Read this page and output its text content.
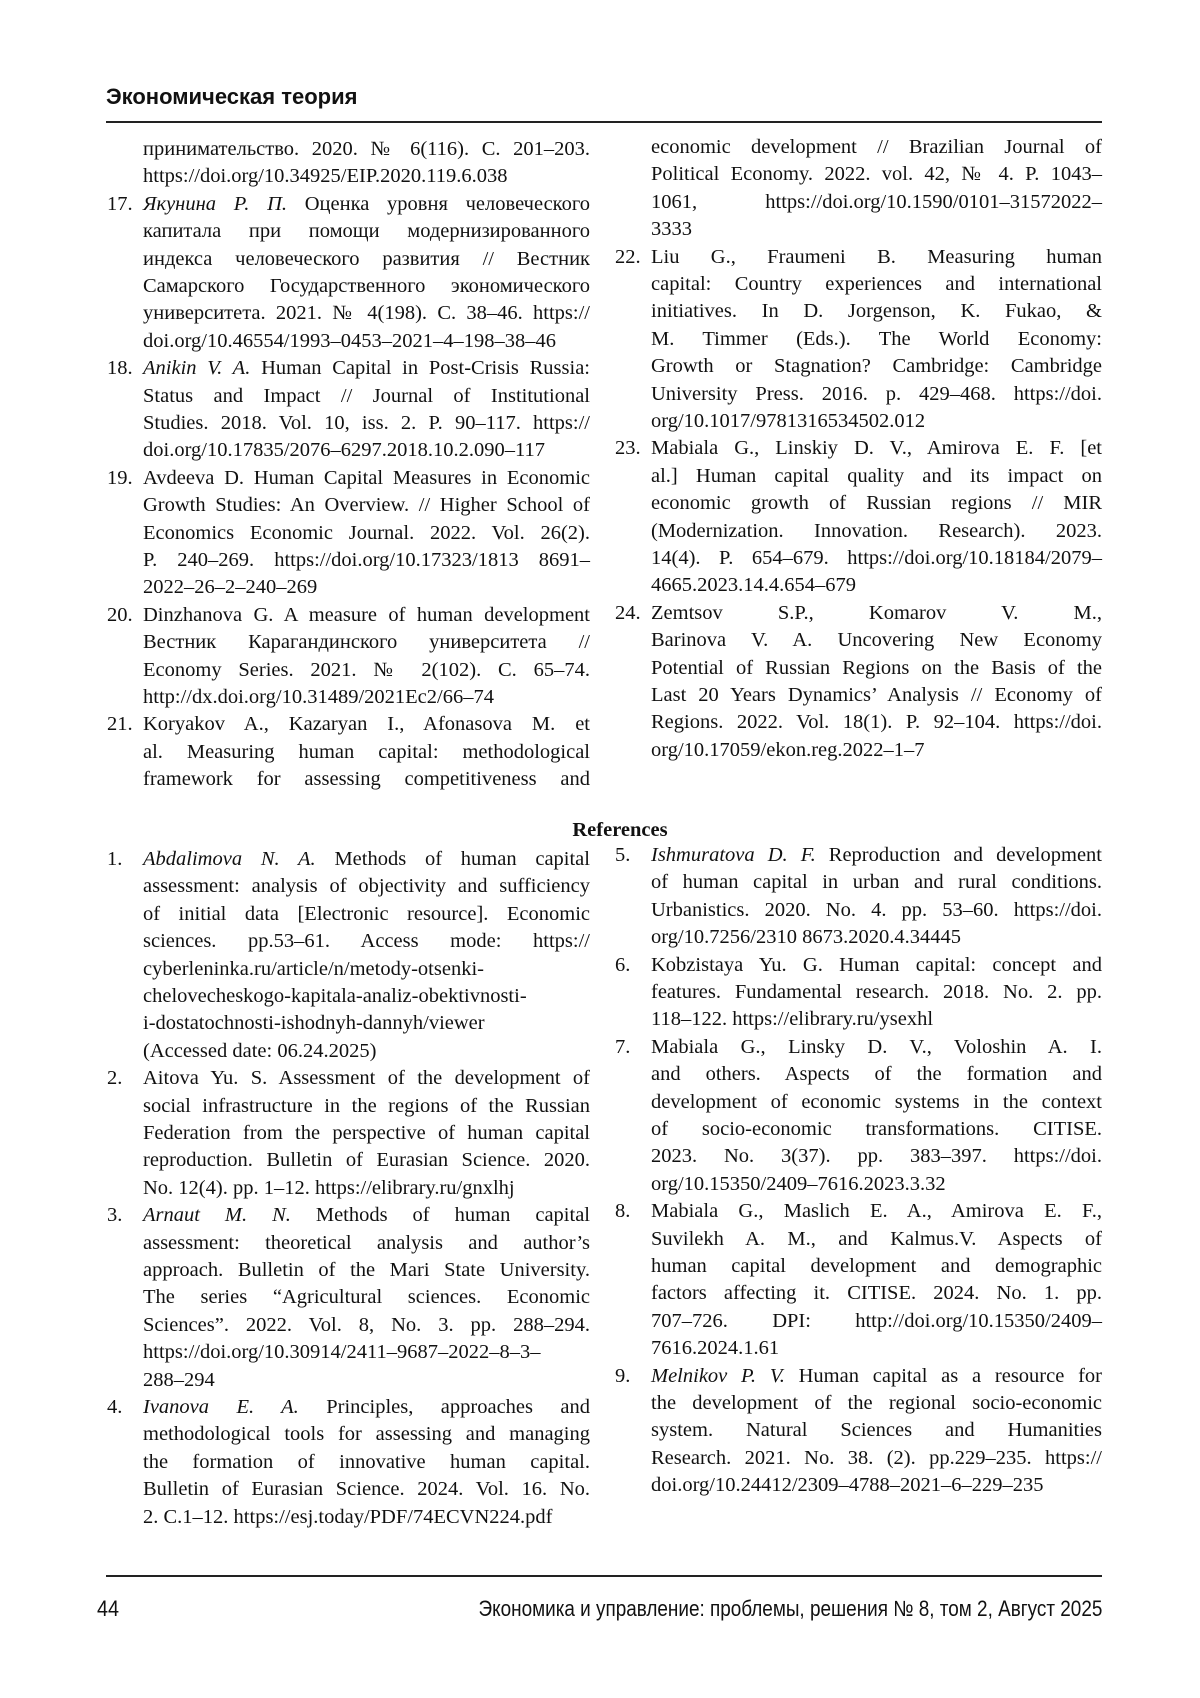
Экономическая теория
принимательство. 2020. № 6(116). С. 201–203.
https://doi.org/10.34925/EIP.2020.119.6.038
17. Якунина Р. П. Оценка уровня человеческого
капитала при помощи модернизированного
индекса человеческого развития // Вестник
Самарского Государственного экономического
университета. 2021. № 4(198). С. 38–46. https://
doi.org/10.46554/1993–0453–2021–4–198–38–46
18. Anikin V. A. Human Capital in Post-Crisis Russia:
Status and Impact // Journal of Institutional
Studies. 2018. Vol. 10, iss. 2. P. 90–117. https://
doi.org/10.17835/2076–6297.2018.10.2.090–117
19. Avdeeva D. Human Capital Measures in Economic
Growth Studies: An Overview. // Higher School of
Economics Economic Journal. 2022. Vol. 26(2).
P. 240–269. https://doi.org/10.17323/1813 8691–
2022–26–2–240–269
20. Dinzhanova G. A measure of human development
Вестник Карагандинского университета //
Economy Series. 2021. № 2(102). С. 65–74.
http://dx.doi.org/10.31489/2021Ec2/66–74
21. Koryakov A., Kazaryan I., Afonasova M. et
al. Measuring human capital: methodological
framework for assessing competitiveness and
economic development // Brazilian Journal of
Political Economy. 2022. vol. 42, № 4. P. 1043–
1061, https://doi.org/10.1590/0101–31572022–
3333
22. Liu G., Fraumeni B. Measuring human
capital: Country experiences and international
initiatives. In D. Jorgenson, K. Fukao, &
M. Timmer (Eds.). The World Economy:
Growth or Stagnation? Cambridge: Cambridge
University Press. 2016. p. 429–468. https://doi.
org/10.1017/9781316534502.012
23. Mabiala G., Linskiy D. V., Amirova E. F. [et
al.] Human capital quality and its impact on
economic growth of Russian regions // MIR
(Modernization. Innovation. Research). 2023.
14(4). P. 654–679. https://doi.org/10.18184/2079–
4665.2023.14.4.654–679
24. Zemtsov S.P., Komarov V. M.,
Barinova V. A. Uncovering New Economy
Potential of Russian Regions on the Basis of the
Last 20 Years Dynamics’ Analysis // Economy of
Regions. 2022. Vol. 18(1). P. 92–104. https://doi.
org/10.17059/ekon.reg.2022–1–7
References
1. Abdalimova N. A. Methods of human capital
assessment: analysis of objectivity and sufficiency
of initial data [Electronic resource]. Economic
sciences. pp.53–61. Access mode: https://
cyberleninka.ru/article/n/metody-otsenki-
chelovecheskogo-kapitala-analiz-obektivnosti-
i-dostatochnosti-ishodnyh-dannyh/viewer
(Accessed date: 06.24.2025)
2. Aitova Yu. S. Assessment of the development of
social infrastructure in the regions of the Russian
Federation from the perspective of human capital
reproduction. Bulletin of Eurasian Science. 2020.
No. 12(4). pp. 1–12. https://elibrary.ru/gnxlhj
3. Arnaut M. N. Methods of human capital
assessment: theoretical analysis and author’s
approach. Bulletin of the Mari State University.
The series “Agricultural sciences. Economic
Sciences”. 2022. Vol. 8, No. 3. pp. 288–294.
https://doi.org/10.30914/2411–9687–2022–8–3–
288–294
4. Ivanova E. A. Principles, approaches and
methodological tools for assessing and managing
the formation of innovative human capital.
Bulletin of Eurasian Science. 2024. Vol. 16. No.
2. C.1–12. https://esj.today/PDF/74ECVN224.pdf
5. Ishmuratova D. F. Reproduction and development
of human capital in urban and rural conditions.
Urbanistics. 2020. No. 4. pp. 53–60. https://doi.
org/10.7256/2310 8673.2020.4.34445
6. Kobzistaya Yu. G. Human capital: concept and
features. Fundamental research. 2018. No. 2. pp.
118–122. https://elibrary.ru/ysexhl
7. Mabiala G., Linsky D. V., Voloshin A. I.
and others. Aspects of the formation and
development of economic systems in the context
of socio-economic transformations. CITISE.
2023. No. 3(37). pp. 383–397. https://doi.
org/10.15350/2409–7616.2023.3.32
8. Mabiala G., Maslich E. A., Amirova E. F.,
Suvilekh A. M., and Kalmus.V. Aspects of
human capital development and demographic
factors affecting it. CITISE. 2024. No. 1. pp.
707–726. DPI: http://doi.org/10.15350/2409–
7616.2024.1.61
9. Melnikov P. V. Human capital as a resource for
the development of the regional socio-economic
system. Natural Sciences and Humanities
Research. 2021. No. 38. (2). pp.229–235. https://
doi.org/10.24412/2309–4788–2021–6–229–235
44	Экономика и управление: проблемы, решения № 8, том 2, Август 2025
